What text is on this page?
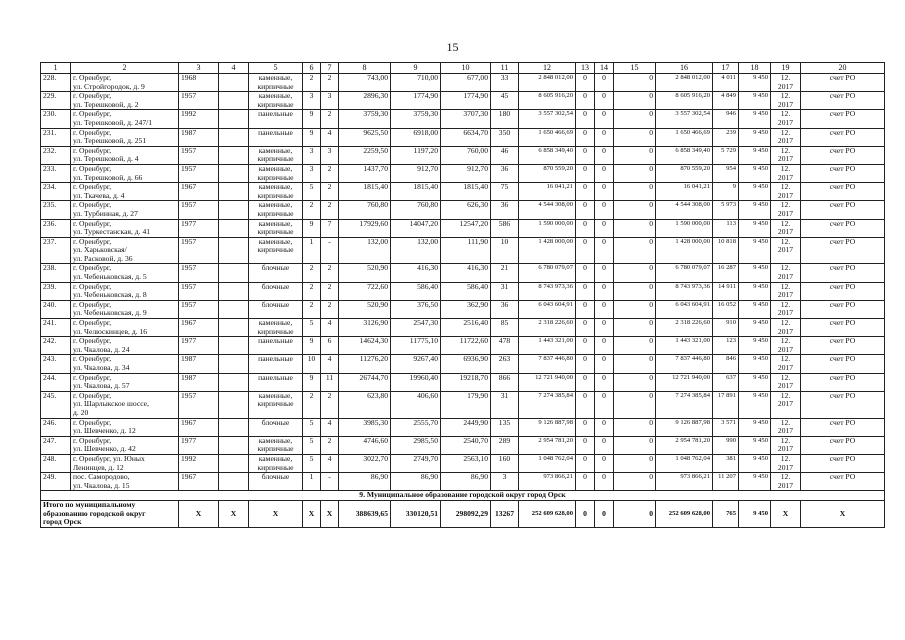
15
1	2	3	4	5	6	7	8	9	10	11	12	13	14	15	16	17	18	19	20
228.	г. Оренбург,
ул. Стройгородок, д. 9	1968		каменные,
кирпичные	2	2	743,00	710,00	677,00	33	2 848 012,00	0	0	0	2 848 012,00	4 011	9 450	12.
2017	счет РО
229.	г. Оренбург,
ул. Терешковой, д. 2	1957		каменные,
кирпичные	3	3	2896,30	1774,90	1774,90	45	8 605 916,20	0	0	0	8 605 916,20	4 849	9 450	12.
2017	счет РО
230.	г. Оренбург,
ул. Терешковой, д. 247/1	1992		панельные	9	2	3759,30	3759,30	3707,30	180	3 557 302,54	0	0	0	3 557 302,54	946	9 450	12.
2017	счет РО
231.	г. Оренбург,
ул. Терешковой, д. 251	1987		панельные	9	4	9625,50	6918,00	6634,70	350	1 650 466,69	0	0	0	1 650 466,69	239	9 450	12.
2017	счет РО
232.	г. Оренбург,
ул. Терешковой, д. 4	1957		каменные,
кирпичные	3	3	2259,50	1197,20	760,00	46	6 858 349,40	0	0	0	6 858 349,40	5 729	9 450	12.
2017	счет РО
233.	г. Оренбург,
ул. Терешковой, д. 66	1957		каменные,
кирпичные	3	2	1437,70	912,70	912,70	36	870 559,20	0	0	0	870 559,20	954	9 450	12.
2017	счет РО
234.	г. Оренбург,
ул. Ткачева, д. 4	1967		каменные,
кирпичные	5	2	1815,40	1815,40	1815,40	75	16 041,21	0	0	0	16 041,21	9	9 450	12.
2017	счет РО
235.	г. Оренбург,
ул. Турбинная, д. 27	1957		каменные,
кирпичные	2	2	760,80	760,80	626,30	36	4 544 308,00	0	0	0	4 544 308,00	5 973	9 450	12.
2017	счет РО
236.	г. Оренбург,
ул. Туркестанская, д. 41	1977		каменные,
кирпичные	9	7	17929,60	14047,20	12547,20	586	1 590 000,00	0	0	0	1 590 000,00	113	9 450	12.
2017	счет РО
237.	г. Оренбург,
ул. Харьковская/
ул. Расковой, д. 36	1957		каменные,
кирпичные	1	-	132,00	132,00	111,90	10	1 428 000,00	0	0	0	1 428 000,00	10 818	9 450	12.
2017	счет РО
238.	г. Оренбург,
ул. Чебеньковская, д. 5	1957		блочные	2	2	520,90	416,30	416,30	21	6 780 079,07	0	0	0	6 780 079,07	16 287	9 450	12.
2017	счет РО
239.	г. Оренбург,
ул. Чебеньковская, д. 8	1957		блочные	2	2	722,60	586,40	586,40	31	8 743 973,36	0	0	0	8 743 973,36	14 911	9 450	12.
2017	счет РО
240.	г. Оренбург,
ул. Чебеньковская, д. 9	1957		блочные	2	2	520,90	376,50	362,90	36	6 043 604,91	0	0	0	6 043 604,91	16 052	9 450	12.
2017	счет РО
241.	г. Оренбург,
ул. Челюскинцев, д. 16	1967		каменные,
кирпичные	5	4	3126,90	2547,30	2516,40	85	2 318 226,60	0	0	0	2 318 226,60	910	9 450	12.
2017	счет РО
242.	г. Оренбург,
ул. Чкалова, д. 24	1977		панельные	9	6	14624,30	11775,10	11722,60	478	1 443 321,00	0	0	0	1 443 321,00	123	9 450	12.
2017	счет РО
243.	г. Оренбург,
ул. Чкалова, д. 34	1987		панельные	10	4	11276,20	9267,40	6936,90	263	7 837 446,80	0	0	0	7 837 446,80	846	9 450	12.
2017	счет РО
244.	г. Оренбург,
ул. Чкалова, д. 57	1987		панельные	9	11	26744,70	19960,40	19218,70	866	12 721 940,00	0	0	0	12 721 940,00	637	9 450	12.
2017	счет РО
245.	г. Оренбург,
ул. Шарлыкское шоссе,
д. 20	1957		каменные,
кирпичные	2	2	623,80	406,60	179,90	31	7 274 385,84	0	0	0	7 274 385,84	17 891	9 450	12.
2017	счет РО
246.	г. Оренбург,
ул. Шевченко, д. 12	1967		блочные	5	4	3985,30	2555,70	2449,90	135	9 126 887,98	0	0	0	9 126 887,98	3 571	9 450	12.
2017	счет РО
247.	г. Оренбург,
ул. Шевченко, д. 42	1977		каменные,
кирпичные	5	2	4746,60	2985,50	2540,70	289	2 954 781,20	0	0	0	2 954 781,20	990	9 450	12.
2017	счет РО
248.	г. Оренбург, ул. Юных
Ленинцев, д. 12	1992		каменные,
кирпичные	5	4	3022,70	2749,70	2563,10	160	1 048 762,04	0	0	0	1 048 762,04	381	9 450	12.
2017	счет РО
249.	пос. Самородово,
ул. Чкалова, д. 15	1967		блочные	1	-	86,90	86,90	86,90	3	973 866,21	0	0	0	973 866,21	11 207	9 450	12.
2017	счет РО
9. Муниципальное образование городской округ город Орск																			

Итого по муниципальному
образованию городской округ
город Орск		X	X	X	X	X	388639,65	330120,51	298092,29	13267	252 609 628,00	0	0	0	252 609 628,00	765	9 450	X	X
